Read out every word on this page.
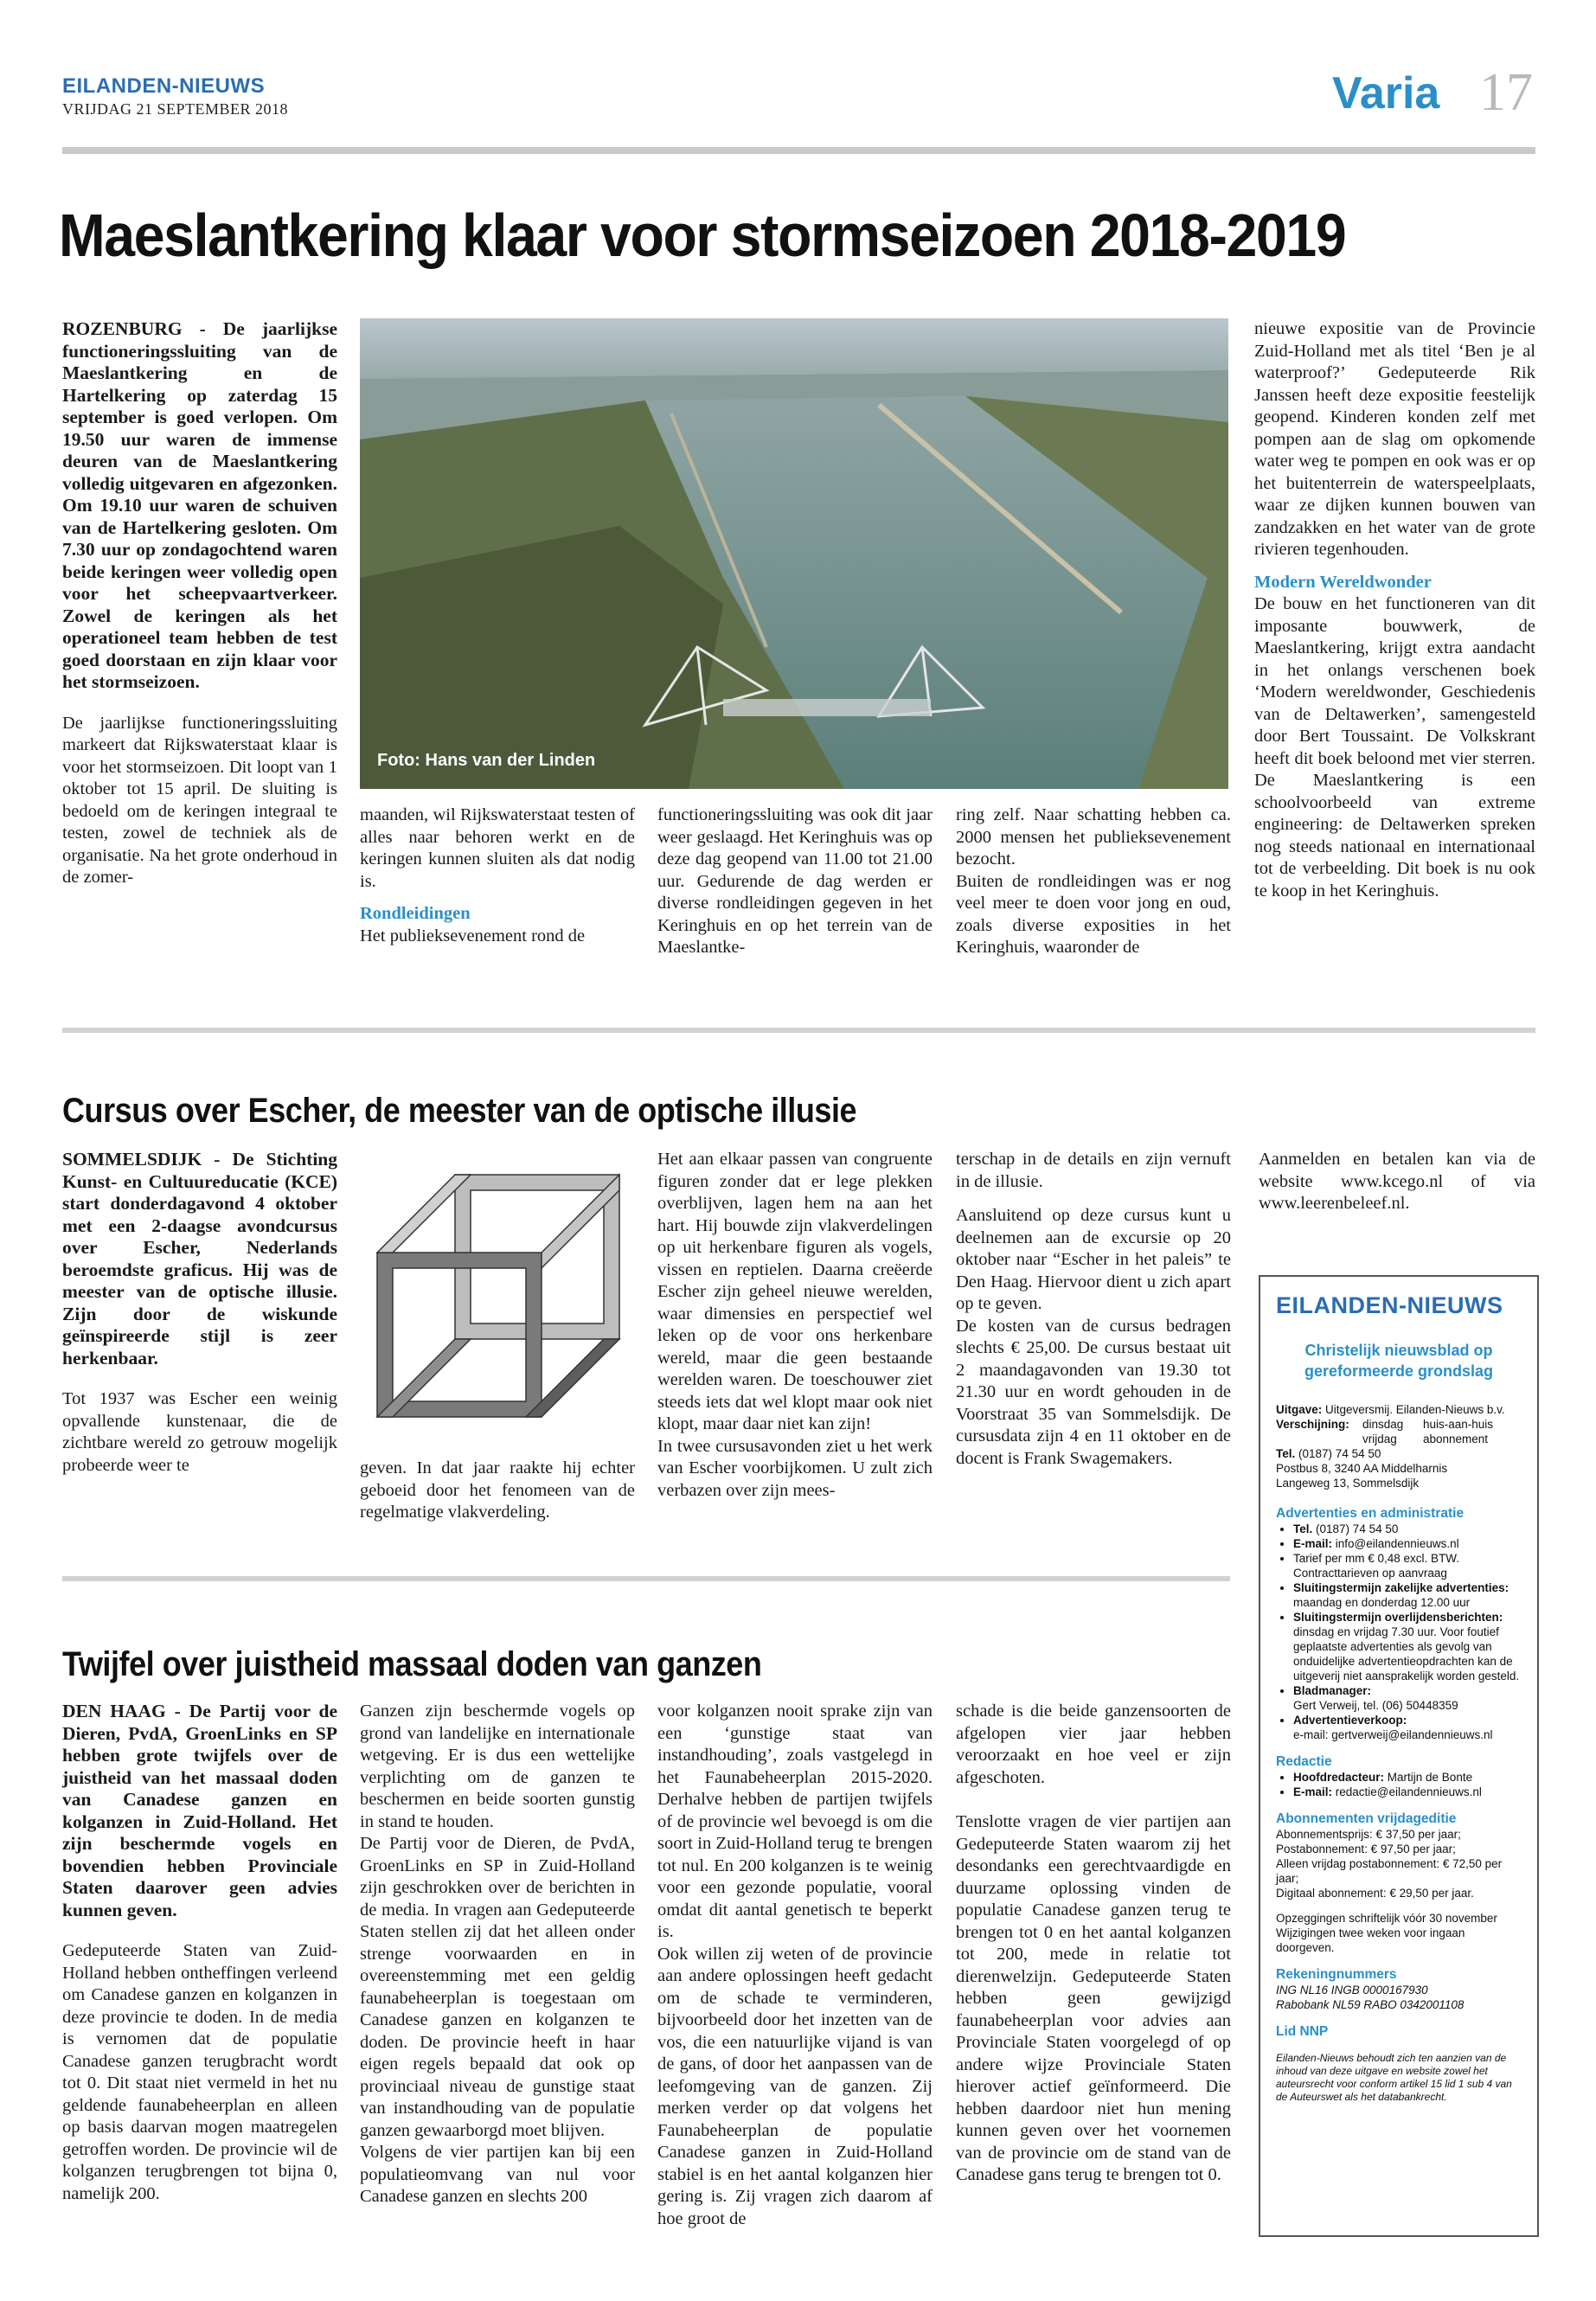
EILANDEN-NIEUWS
VRIJDAG 21 SEPTEMBER 2018	Varia 17
Maeslantkering klaar voor stormseizoen 2018-2019
ROZENBURG - De jaarlijkse functioneringssluiting van de Maeslantkering en de Hartelkering op zaterdag 15 september is goed verlopen. Om 19.50 uur waren de immense deuren van de Maeslantkering volledig uitgevaren en afgezonken. Om 19.10 uur waren de schuiven van de Hartelkering gesloten. Om 7.30 uur op zondagochtend waren beide keringen weer volledig open voor het scheepvaartverkeer. Zowel de keringen als het operationeel team hebben de test goed doorstaan en zijn klaar voor het stormseizoen.
De jaarlijkse functioneringssluiting markeert dat Rijkswaterstaat klaar is voor het stormseizoen. Dit loopt van 1 oktober tot 15 april. De sluiting is bedoeld om de keringen integraal te testen, zowel de techniek als de organisatie. Na het grote onderhoud in de zomer-
Foto: Hans van der Linden
maanden, wil Rijkswaterstaat testen of alles naar behoren werkt en de keringen kunnen sluiten als dat nodig is.
Rondleidingen
Het publieksevenement rond de
functioneringssluiting was ook dit jaar weer geslaagd. Het Keringhuis was op deze dag geopend van 11.00 tot 21.00 uur. Gedurende de dag werden er diverse rondleidingen gegeven in het Keringhuis en op het terrein van de Maeslantke-
ring zelf. Naar schatting hebben ca. 2000 mensen het publieksevenement bezocht.
Buiten de rondleidingen was er nog veel meer te doen voor jong en oud, zoals diverse exposities in het Keringhuis, waaronder de
nieuwe expositie van de Provincie Zuid-Holland met als titel ‘Ben je al waterproof?’ Gedeputeerde Rik Janssen heeft deze expositie feestelijk geopend. Kinderen konden zelf met pompen aan de slag om opkomende water weg te pompen en ook was er op het buitenterrein de waterspeelplaats, waar ze dijken kunnen bouwen van zandzakken en het water van de grote rivieren tegenhouden.
Modern Wereldwonder
De bouw en het functioneren van dit imposante bouwwerk, de Maeslantkering, krijgt extra aandacht in het onlangs verschenen boek ‘Modern wereldwonder, Geschiedenis van de Deltawerken’, samengesteld door Bert Toussaint. De Volkskrant heeft dit boek beloond met vier sterren. De Maeslantkering is een schoolvoorbeeld van extreme engineering: de Deltawerken spreken nog steeds nationaal en internationaal tot de verbeelding. Dit boek is nu ook te koop in het Keringhuis.
Cursus over Escher, de meester van de optische illusie
SOMMELSDIJK - De Stichting Kunst- en Cultuureducatie (KCE) start donderdagavond 4 oktober met een 2-daagse avondcursus over Escher, Nederlands beroemdste graficus. Hij was de meester van de optische illusie. Zijn door de wiskunde geïnspireerde stijl is zeer herkenbaar.
Tot 1937 was Escher een weinig opvallende kunstenaar, die de zichtbare wereld zo getrouw mogelijk probeerde weer te	geven. In dat jaar raakte hij echter geboeid door het fenomeen van de regelmatige vlakverdeling.
Het aan elkaar passen van congruente figuren zonder dat er lege plekken overblijven, lagen hem na aan het hart. Hij bouwde zijn vlakverdelingen op uit herkenbare figuren als vogels, vissen en reptielen. Daarna creëerde Escher zijn geheel nieuwe werelden, waar dimensies en perspectief wel leken op de voor ons herkenbare wereld, maar die geen bestaande werelden waren. De toeschouwer ziet steeds iets dat wel klopt maar ook niet klopt, maar daar niet kan zijn!
In twee cursusavonden ziet u het werk van Escher voorbijkomen. U zult zich verbazen over zijn mees-
terschap in de details en zijn vernuft in de illusie.
Aansluitend op deze cursus kunt u deelnemen aan de excursie op 20 oktober naar “Escher in het paleis” te Den Haag. Hiervoor dient u zich apart op te geven.
De kosten van de cursus bedragen slechts € 25,00. De cursus bestaat uit 2 maandagavonden van 19.30 tot 21.30 uur en wordt gehouden in de Voorstraat 35 van Sommelsdijk. De cursusdata zijn 4 en 11 oktober en de docent is Frank Swagemakers.
Aanmelden en betalen kan via de website www.kcego.nl of via www.leerenbeleef.nl.
Twijfel over juistheid massaal doden van ganzen
DEN HAAG - De Partij voor de Dieren, PvdA, GroenLinks en SP hebben grote twijfels over de juistheid van het massaal doden van Canadese ganzen en kolganzen in Zuid-Holland. Het zijn beschermde vogels en bovendien hebben Provinciale Staten daarover geen advies kunnen geven.
Gedeputeerde Staten van Zuid-Holland hebben ontheffingen verleend om Canadese ganzen en kolganzen in deze provincie te doden. In de media is vernomen dat de populatie Canadese ganzen terugbracht wordt tot 0. Dit staat niet vermeld in het nu geldende faunabeheerplan en alleen op basis daarvan mogen maatregelen getroffen worden. De provincie wil de kolganzen terugbrengen tot bijna 0, namelijk 200.
Ganzen zijn beschermde vogels op grond van landelijke en internationale wetgeving. Er is dus een wettelijke verplichting om de ganzen te beschermen en beide soorten gunstig in stand te houden.
De Partij voor de Dieren, de PvdA, GroenLinks en SP in Zuid-Holland zijn geschrokken over de berichten in de media. In vragen aan Gedeputeerde Staten stellen zij dat het alleen onder strenge voorwaarden en in overeenstemming met een geldig faunabeheerplan is toegestaan om Canadese ganzen en kolganzen te doden. De provincie heeft in haar eigen regels bepaald dat ook op provinciaal niveau de gunstige staat van instandhouding van de populatie ganzen gewaarborgd moet blijven.
Volgens de vier partijen kan bij een populatieomvang van nul voor Canadese ganzen en slechts 200
voor kolganzen nooit sprake zijn van een ‘gunstige staat van instandhouding’, zoals vastgelegd in het Faunabeheerplan 2015-2020. Derhalve hebben de partijen twijfels of de provincie wel bevoegd is om die soort in Zuid-Holland terug te brengen tot nul. En 200 kolganzen is te weinig voor een gezonde populatie, vooral omdat dit aantal genetisch te beperkt is.
Ook willen zij weten of de provincie aan andere oplossingen heeft gedacht om de schade te verminderen, bijvoorbeeld door het inzetten van de vos, die een natuurlijke vijand is van de gans, of door het aanpassen van de leefomgeving van de ganzen. Zij merken verder op dat volgens het Faunabeheerplan de populatie Canadese ganzen in Zuid-Holland stabiel is en het aantal kolganzen hier gering is. Zij vragen zich daarom af hoe groot de
schade is die beide ganzensoorten de afgelopen vier jaar hebben veroorzaakt en hoe veel er zijn afgeschoten.
Tenslotte vragen de vier partijen aan Gedeputeerde Staten waarom zij het desondanks een gerechtvaardigde en duurzame oplossing vinden de populatie Canadese ganzen terug te brengen tot 0 en het aantal kolganzen tot 200, mede in relatie tot dierenwelzijn. Gedeputeerde Staten hebben geen gewijzigd faunabeheerplan voor advies aan Provinciale Staten voorgelegd of op andere wijze Provinciale Staten hierover actief geïnformeerd. Die hebben daardoor niet hun mening kunnen geven over het voornemen van de provincie om de stand van de Canadese gans terug te brengen tot 0.
EILANDEN-NIEUWS
Christelijk nieuwsblad op gereformeerde grondslag
Uitgave: Uitgeversmij. Eilanden-Nieuws b.v.
Verschijning:	dinsdag	huis-aan-huis
vrijdag	abonnement
Tel. (0187) 74 54 50
Postbus 8, 3240 AA Middelharnis
Langeweg 13, Sommelsdijk
Advertenties en administratie
• Tel. (0187) 74 54 50
• E-mail: info@eilandennieuws.nl
• Tarief per mm € 0,48 excl. BTW. Contracttarieven op aanvraag
• Sluitingstermijn zakelijke advertenties:
maandag en donderdag 12.00 uur
• Sluitingstermijn overlijdensberichten:
dinsdag en vrijdag 7.30 uur. Voor foutief geplaatste advertenties als gevolg van onduidelijke advertentieopdrachten kan de uitgeverij niet aansprakelijk worden gesteld.
• Bladmanager:
Gert Verweij, tel. (06) 50448359
• Advertentieverkoop:
e-mail: gertverweij@eilandennieuws.nl
Redactie
• Hoofdredacteur: Martijn de Bonte
• E-mail: redactie@eilandennieuws.nl
Abonnementen vrijdageditie
Abonnementsprijs: € 37,50 per jaar;
Postabonnement: € 97,50 per jaar;
Alleen vrijdag postabonnement: € 72,50 per jaar;
Digitaal abonnement: € 29,50 per jaar.
Opzeggingen schriftelijk vóór 30 november Wijzigingen twee weken voor ingaan doorgeven.
Rekeningnummers
ING NL16 INGB 0000167930
Rabobank NL59 RABO 0342001108
Lid NNP
Eilanden-Nieuws behoudt zich ten aanzien van de inhoud van deze uitgave en website zowel het auteursrecht voor conform artikel 15 lid 1 sub 4 van de Auteurswet als het databankrecht.
